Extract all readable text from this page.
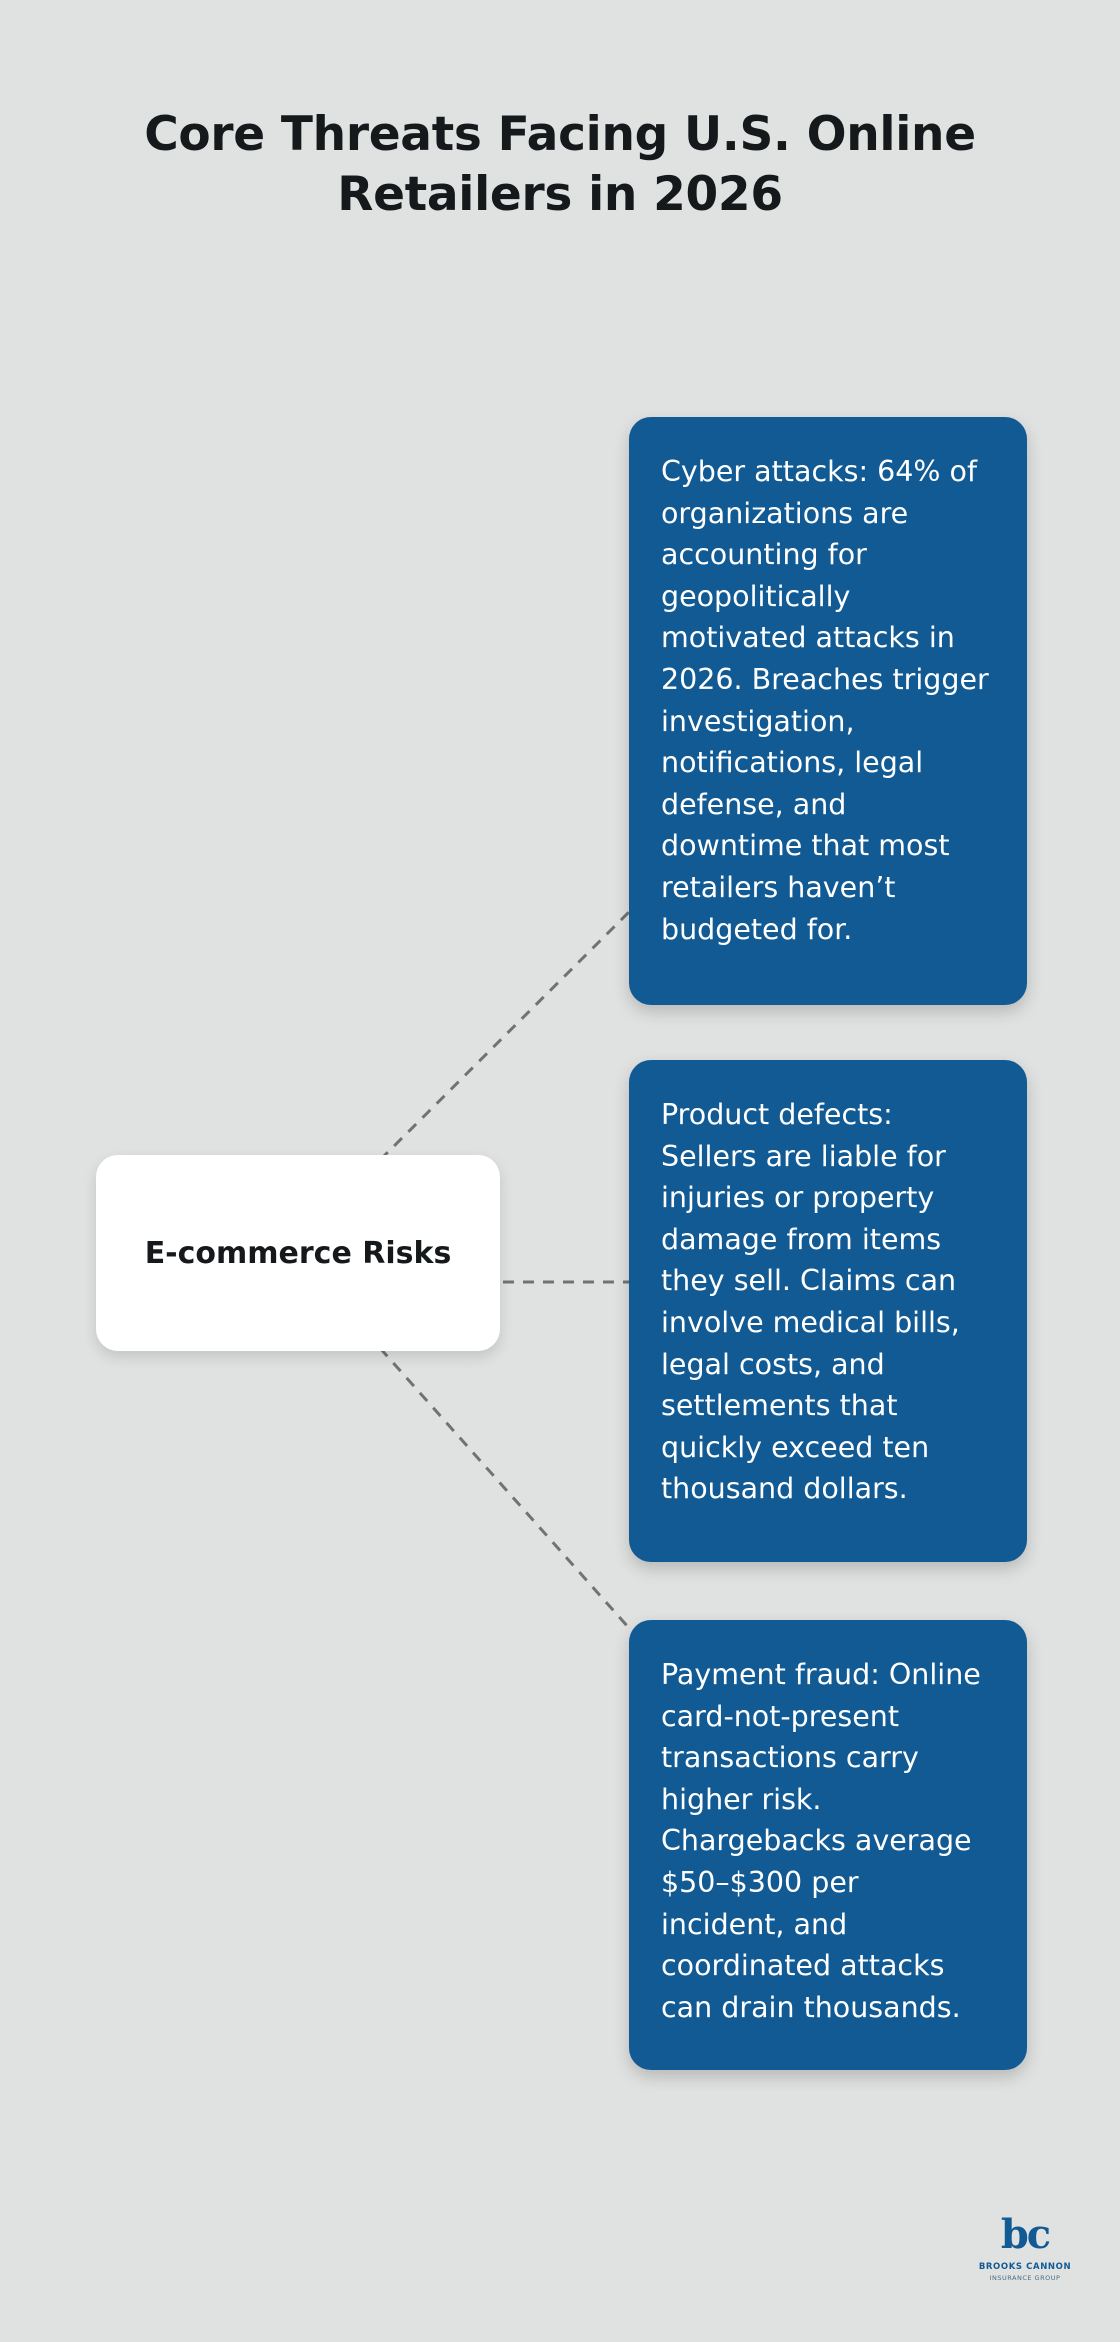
Core Threats Facing U.S. Online Retailers in 2026
E-commerce Risks
Cyber attacks: 64% of organizations are accounting for geopolitically motivated attacks in 2026. Breaches trigger investigation, notifications, legal defense, and downtime that most retailers haven’t budgeted for.
Product defects: Sellers are liable for injuries or property damage from items they sell. Claims can involve medical bills, legal costs, and settlements that quickly exceed ten thousand dollars.
Payment fraud: Online card-not-present transactions carry higher risk. Chargebacks average $50–$300 per incident, and coordinated attacks can drain thousands.
bc
BROOKS CANNON
INSURANCE GROUP
